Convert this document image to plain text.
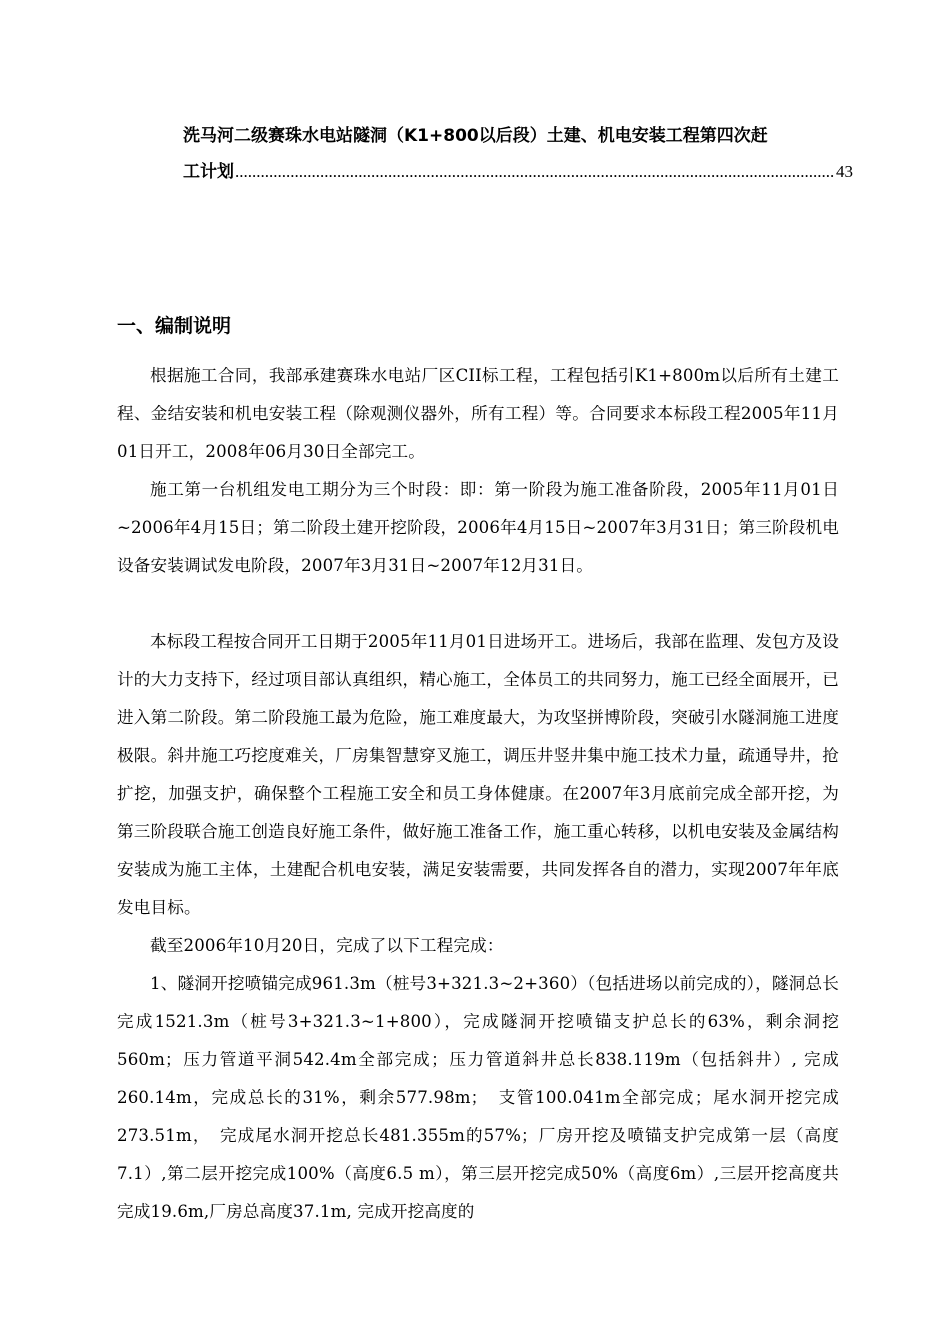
洗马河二级赛珠水电站隧洞（K1+800以后段）土建、机电安装工程第四次赶
工计划
.....	43
一、编制说明

根据施工合同，我部承建赛珠水电站厂区CII标工程，工程包括引K1+800m以后所有土建工程、金结安装和机电安装工程（除观测仪器外，所有工程）等。合同要求本标段工程2005年11月01日开工，2008年06月30日全部完工。

施工第一台机组发电工期分为三个时段：即：第一阶段为施工准备阶段，2005年11月01日~2006年4月15日；第二阶段土建开挖阶段，2006年4月15日~2007年3月31日；第三阶段机电设备安装调试发电阶段，2007年3月31日~2007年12月31日。

本标段工程按合同开工日期于2005年11月01日进场开工。进场后，我部在监理、发包方及设计的大力支持下，经过项目部认真组织，精心施工，全体员工的共同努力，施工已经全面展开，已进入第二阶段。第二阶段施工最为危险，施工难度最大，为攻坚拼博阶段，突破引水隧洞施工进度极限。斜井施工巧挖度难关，厂房集智慧穿叉施工，调压井竖井集中施工技术力量，疏通导井，抢扩挖，加强支护，确保整个工程施工安全和员工身体健康。在2007年3月底前完成全部开挖，为第三阶段联合施工创造良好施工条件，做好施工准备工作，施工重心转移，以机电安装及金属结构安装成为施工主体，土建配合机电安装，满足安装需要，共同发挥各自的潜力，实现2007年年底发电目标。

截至2006年10月20日，完成了以下工程完成：

1、隧洞开挖喷锚完成961.3m（桩号3+321.3~2+360）（包括进场以前完成的），隧洞总长完成1521.3m（桩号3+321.3~1+800），完成隧洞开挖喷锚支护总长的63%，剩余洞挖560m；压力管道平洞542.4m全部完成；压力管道斜井总长838.119m（包括斜井）, 完成260.14m，完成总长的31%，剩余577.98m；　支管100.041m全部完成；尾水洞开挖完成273.51m，　完成尾水洞开挖总长481.355m的57%；厂房开挖及喷锚支护完成第一层（高度7.1）,第二层开挖完成100%（高度6.5 m），第三层开挖完成50%（高度6m）,三层开挖高度共完成19.6m,厂房总高度37.1m, 完成开挖高度的
